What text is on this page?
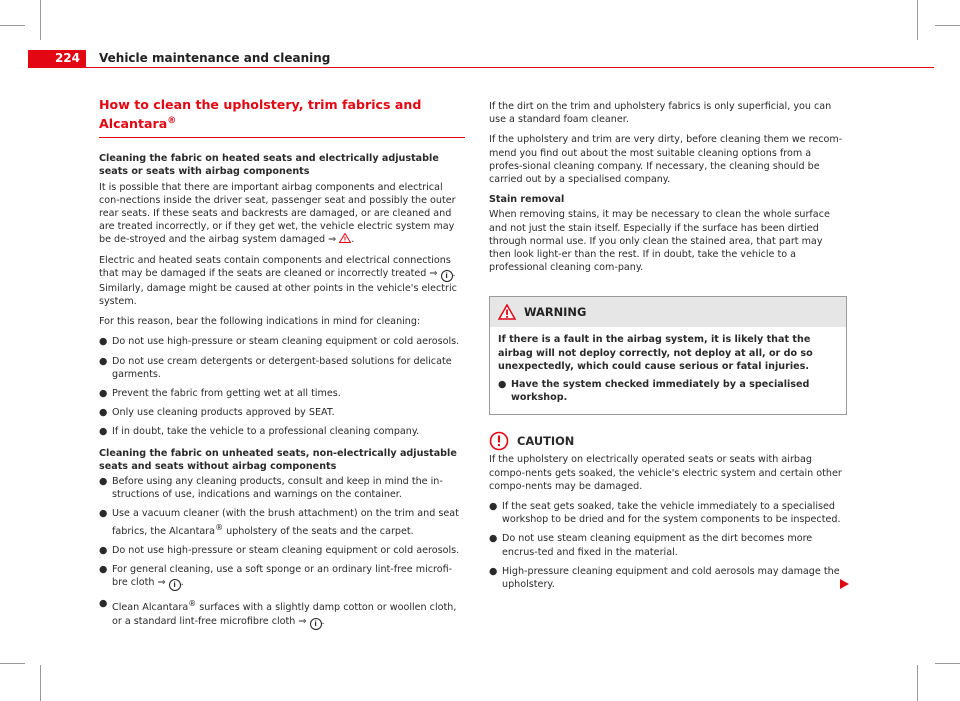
224	Vehicle maintenance and cleaning
How to clean the upholstery, trim fabrics and Alcantara®
Cleaning the fabric on heated seats and electrically adjustable seats or seats with airbag components

It is possible that there are important airbag components and electrical con-nections inside the driver seat, passenger seat and possibly the outer rear seats. If these seats and backrests are damaged, or are cleaned and are treated incorrectly, or if they get wet, the vehicle electric system may be de-stroyed and the airbag system damaged ⇒ .

Electric and heated seats contain components and electrical connections that may be damaged if the seats are cleaned or incorrectly treated ⇒ i . Similarly, damage might be caused at other points in the vehicle's electric system.

For this reason, bear the following indications in mind for cleaning:

● Do not use high-pressure or steam cleaning equipment or cold aerosols.
● Do not use cream detergents or detergent-based solutions for delicate garments.
● Prevent the fabric from getting wet at all times.
● Only use cleaning products approved by SEAT.
● If in doubt, take the vehicle to a professional cleaning company.
Cleaning the fabric on unheated seats, non-electrically adjustable seats and seats without airbag components
● Before using any cleaning products, consult and keep in mind the in-structions of use, indications and warnings on the container.
● Use a vacuum cleaner (with the brush attachment) on the trim and seat fabrics, the Alcantara® upholstery of the seats and the carpet.
● Do not use high-pressure or steam cleaning equipment or cold aerosols.
● For general cleaning, use a soft sponge or an ordinary lint-free microfi-bre cloth ⇒ i .
● Clean Alcantara® surfaces with a slightly damp cotton or woollen cloth, or a standard lint-free microfibre cloth ⇒ i .

If the dirt on the trim and upholstery fabrics is only superficial, you can use a standard foam cleaner.

If the upholstery and trim are very dirty, before cleaning them we recom-mend you find out about the most suitable cleaning options from a profes-sional cleaning company. If necessary, the cleaning should be carried out by a specialised company.

Stain removal

When removing stains, it may be necessary to clean the whole surface and not just the stain itself. Especially if the surface has been dirtied through normal use. If you only clean the stained area, that part may then look light-er than the rest. If in doubt, take the vehicle to a professional cleaning com-pany.

WARNING

If there is a fault in the airbag system, it is likely that the airbag will not deploy correctly, not deploy at all, or do so unexpectedly, which could cause serious or fatal injuries.

● Have the system checked immediately by a specialised workshop.
CAUTION

If the upholstery on electrically operated seats or seats with airbag compo-nents gets soaked, the vehicle's electric system and certain other compo-nents may be damaged.

● If the seat gets soaked, take the vehicle immediately to a specialised workshop to be dried and for the system components to be inspected.
● Do not use steam cleaning equipment as the dirt becomes more encrus-ted and fixed in the material.
● High-pressure cleaning equipment and cold aerosols may damage the upholstery.
